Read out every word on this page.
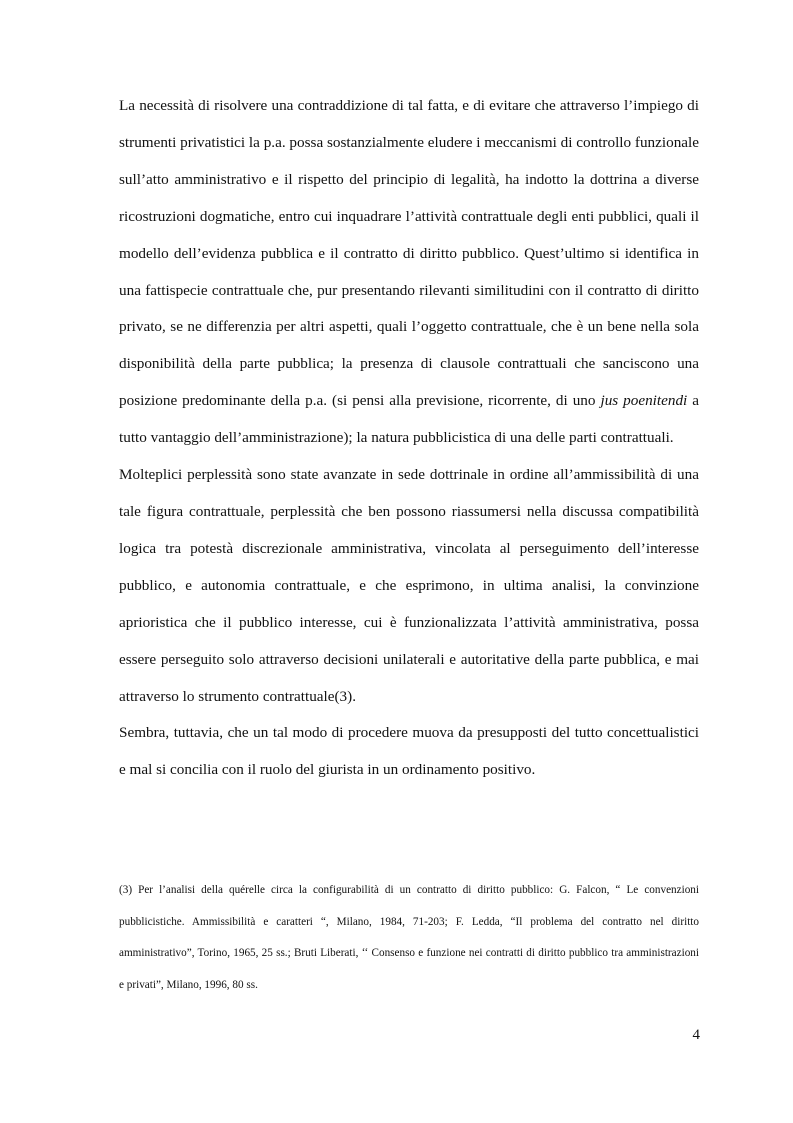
La necessità di risolvere una contraddizione di tal fatta, e di evitare che attraverso l’impiego di strumenti privatistici la p.a. possa sostanzialmente eludere i meccanismi di controllo funzionale sull’atto amministrativo e il rispetto del principio di legalità, ha indotto la dottrina a diverse ricostruzioni dogmatiche, entro cui inquadrare l’attività contrattuale degli enti pubblici, quali il modello dell’evidenza pubblica e il contratto di diritto pubblico. Quest’ultimo si identifica in una fattispecie contrattuale che, pur presentando rilevanti similitudini con il contratto di diritto privato, se ne differenzia per altri aspetti, quali l’oggetto contrattuale, che è un bene nella sola disponibilità della parte pubblica; la presenza di clausole contrattuali che sanciscono una posizione predominante della p.a. (si pensi alla previsione, ricorrente, di uno jus poenitendi a tutto vantaggio dell’amministrazione); la natura pubblicistica di una delle parti contrattuali.

Molteplici perplessità sono state avanzate in sede dottrinale in ordine all’ammissibilità di una tale figura contrattuale, perplessità che ben possono riassumersi nella discussa compatibilità logica tra potestà discrezionale amministrativa, vincolata al perseguimento dell’interesse pubblico, e autonomia contrattuale, e che esprimono, in ultima analisi, la convinzione aprioristica che il pubblico interesse, cui è funzionalizzata l’attività amministrativa, possa essere perseguito solo attraverso decisioni unilaterali e autoritative della parte pubblica, e mai attraverso lo strumento contrattuale(3).

Sembra, tuttavia, che un tal modo di procedere muova da presupposti del tutto concettualistici e mal si concilia con il ruolo del giurista in un ordinamento positivo.

(3) Per l’analisi della quérelle circa la configurabilità di un contratto di diritto pubblico: G. Falcon, “ Le convenzioni pubblicistiche. Ammissibilità e caratteri “, Milano, 1984, 71-203; F. Ledda, “Il problema del contratto nel diritto amministrativo”, Torino, 1965, 25 ss.; Bruti Liberati, ‘‘ Consenso e funzione nei contratti di diritto pubblico tra amministrazioni e privati”, Milano, 1996, 80 ss.

4
